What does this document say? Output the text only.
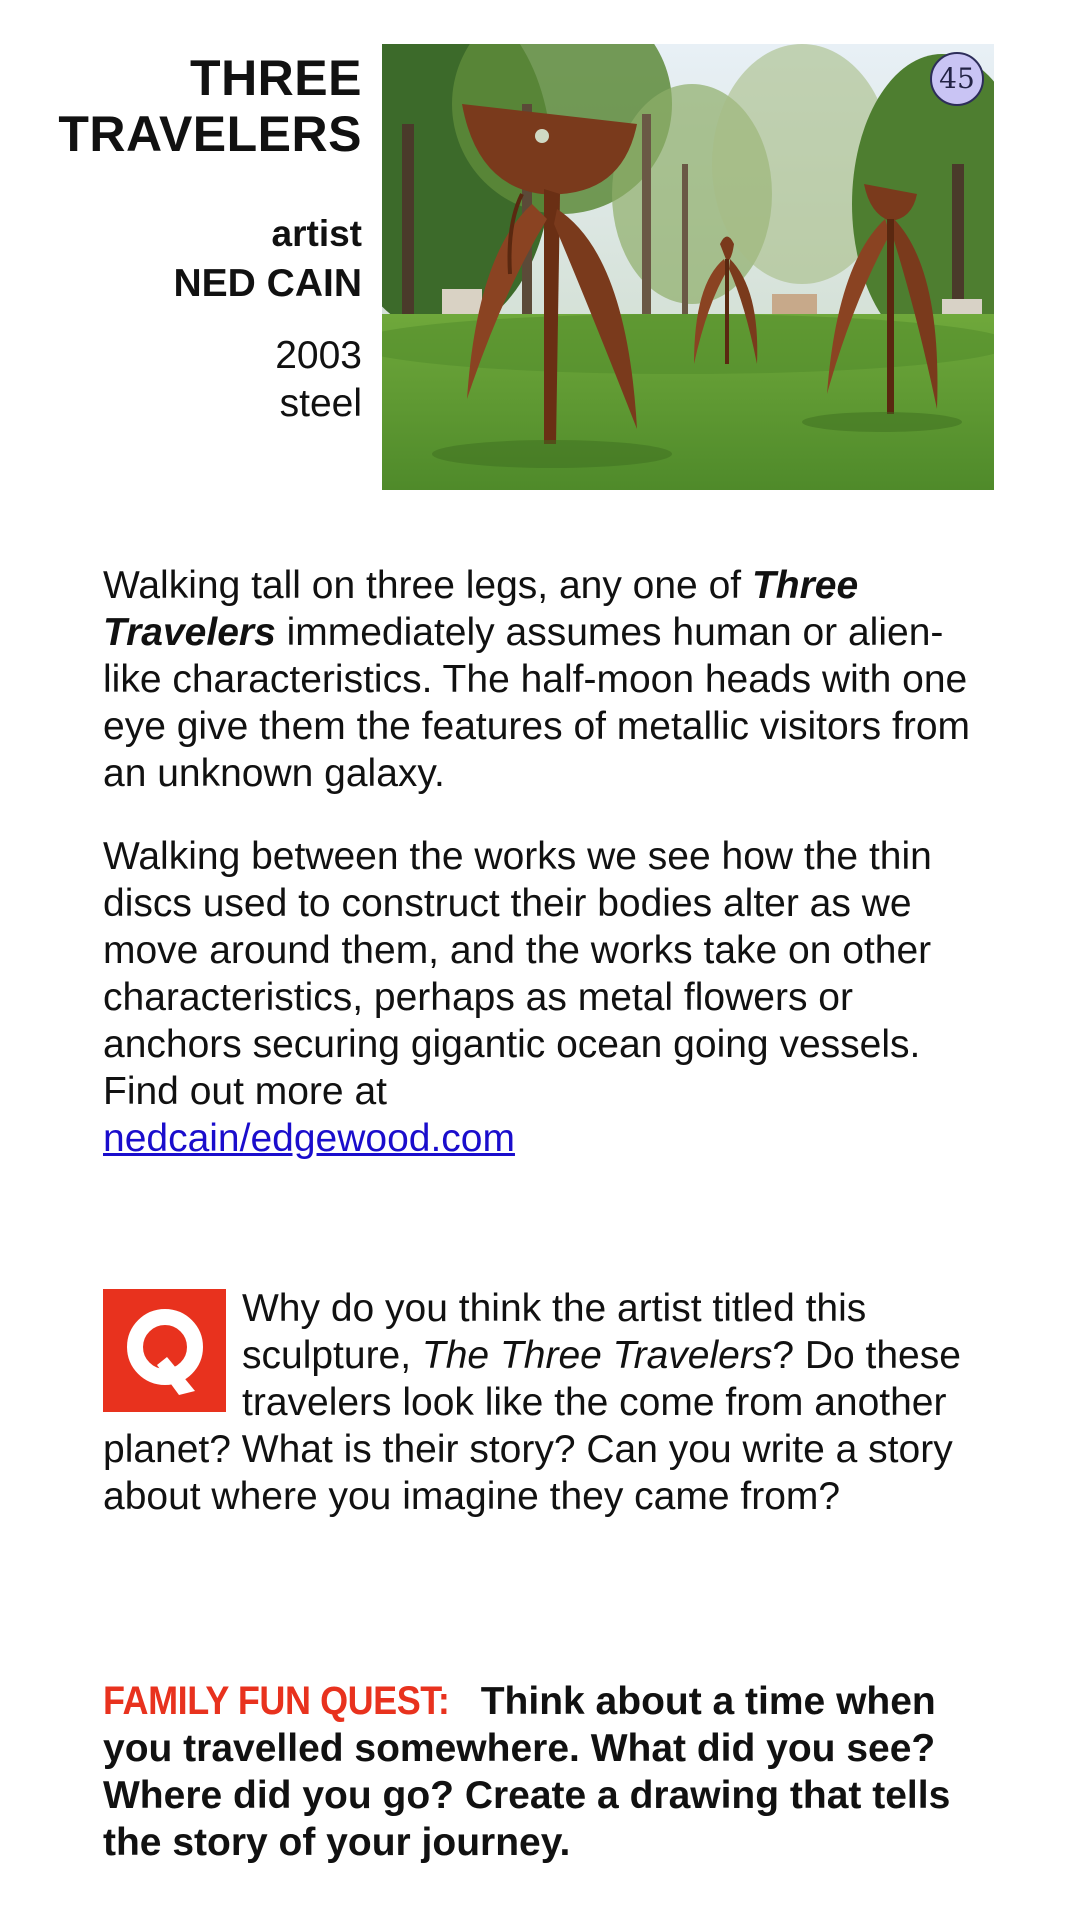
THREE
TRAVELERS
artist
NED CAIN
2003
steel
45
Walking tall on three legs, any one of Three Travelers immediately assumes human or alien-like characteristics. The half-moon heads with one eye give them the features of metallic visitors from an unknown galaxy.
Walking between the works we see how the thin discs used to construct their bodies alter as we move around them, and the works take on other characteristics, perhaps as metal flowers or anchors securing gigantic ocean going vessels. Find out more at
nedcain/edgewood.com
Why do you think the artist titled this sculpture, The Three Travelers? Do these travelers look like the come from another planet? What is their story? Can you write a story about where you imagine they came from?
FAMILY FUN QUEST: Think about a time when you travelled somewhere. What did you see? Where did you go? Create a drawing that tells the story of your journey.
